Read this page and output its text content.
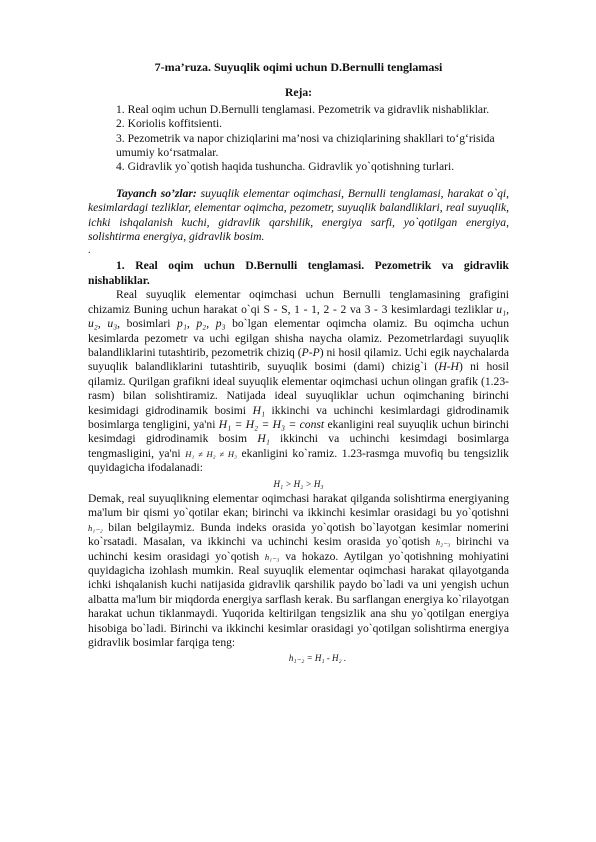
7-ma’ruza. Suyuqlik oqimi uchun D.Bernulli tenglamasi
Reja:
1. Real oqim uchun D.Bernulli tenglamasi. Pezometrik va gidravlik nishabliklar.
2. Koriolis koffitsienti.
3. Pezometrik va napor chiziqlarini ma’nosi va chiziqlarining shakllari to‘g‘risida umumiy ko‘rsatmalar.
4. Gidravlik yo`qotish haqida tushuncha. Gidravlik yo`qotishning turlari.

Tayanch so’zlar: suyuqlik elementar oqimchasi, Bernulli tenglamasi, harakat o`qi, kesimlardagi tezliklar, elementar oqimcha, pezometr, suyuqlik balandliklari, real suyuqlik, ichki ishqalanish kuchi, gidravlik qarshilik, energiya sarfi, yo`qotilgan energiya, solishtirma energiya, gidravlik bosim.

.

1. Real oqim uchun D.Bernulli tenglamasi. Pezometrik va gidravlik nishabliklar.

Real suyuqlik elementar oqimchasi uchun Bernulli tenglamasining grafigini chizamiz Buning uchun harakat o`qi S - S, 1 - 1, 2 - 2 va 3 - 3 kesimlardagi tezliklar u₁, u₂, u₃, bosimlari p₁, p₂, p₃ bo`lgan elementar oqimcha olamiz. Bu oqimcha uchun kesimlarda pezometr va uchi egilgan shisha naycha olamiz. Pezometrlardagi suyuqlik balandliklarini tutashtirib, pezometrik chiziq (P-P) ni hosil qilamiz. Uchi egik naychalarda suyuqlik balandliklarini tutashtirib, suyuqlik bosimi (dami) chizig`i (H-H) ni hosil qilamiz. Qurilgan grafikni ideal suyuqlik elementar oqimchasi uchun olingan grafik (1.23-rasm) bilan solishtiramiz. Natijada ideal suyuqliklar uchun oqimchaning birinchi kesimidagi gidrodinamik bosimi H₁ ikkinchi va uchinchi kesimlardagi gidrodinamik bosimlarga tengligini, ya'ni H₁ = H₂ = H₃ = const ekanligini real suyuqlik uchun birinchi kesimdagi gidrodinamik bosim H₁ ikkinchi va uchinchi kesimdagi bosimlarga tengmasligini, ya'ni H₁ ≠ H₂ ≠ H₃ ekanligini ko`ramiz. 1.23-rasmga muvofiq bu tengsizlik quyidagicha ifodalanadi:

H₁ > H₂ > H₃

Demak, real suyuqlikning elementar oqimchasi harakat qilganda solishtirma energiyaning ma'lum bir qismi yo`qotilar ekan; birinchi va ikkinchi kesimlar orasidagi bu yo`qotishni h₁₋₂ bilan belgilaymiz. Bunda indeks orasida yo`qotish bo`layotgan kesimlar nomerini ko`rsatadi. Masalan, va ikkinchi va uchinchi kesim orasida yo`qotish h₂₋₃ birinchi va uchinchi kesim orasidagi yo`qotish h₁₋₃ va hokazo. Aytilgan yo`qotishning mohiyatini quyidagicha izohlash mumkin. Real suyuqlik elementar oqimchasi harakat qilayotganda ichki ishqalanish kuchi natijasida gidravlik qarshilik paydo bo`ladi va uni yengish uchun albatta ma'lum bir miqdorda energiya sarflash kerak. Bu sarflangan energiya ko`rilayotgan harakat uchun tiklanmaydi. Yuqorida keltirilgan tengsizlik ana shu yo`qotilgan energiya hisobiga bo`ladi. Birinchi va ikkinchi kesimlar orasidagi yo`qotilgan solishtirma energiya gidravlik bosimlar farqiga teng:

h₁₋₂ = H₁ - H₂ .
